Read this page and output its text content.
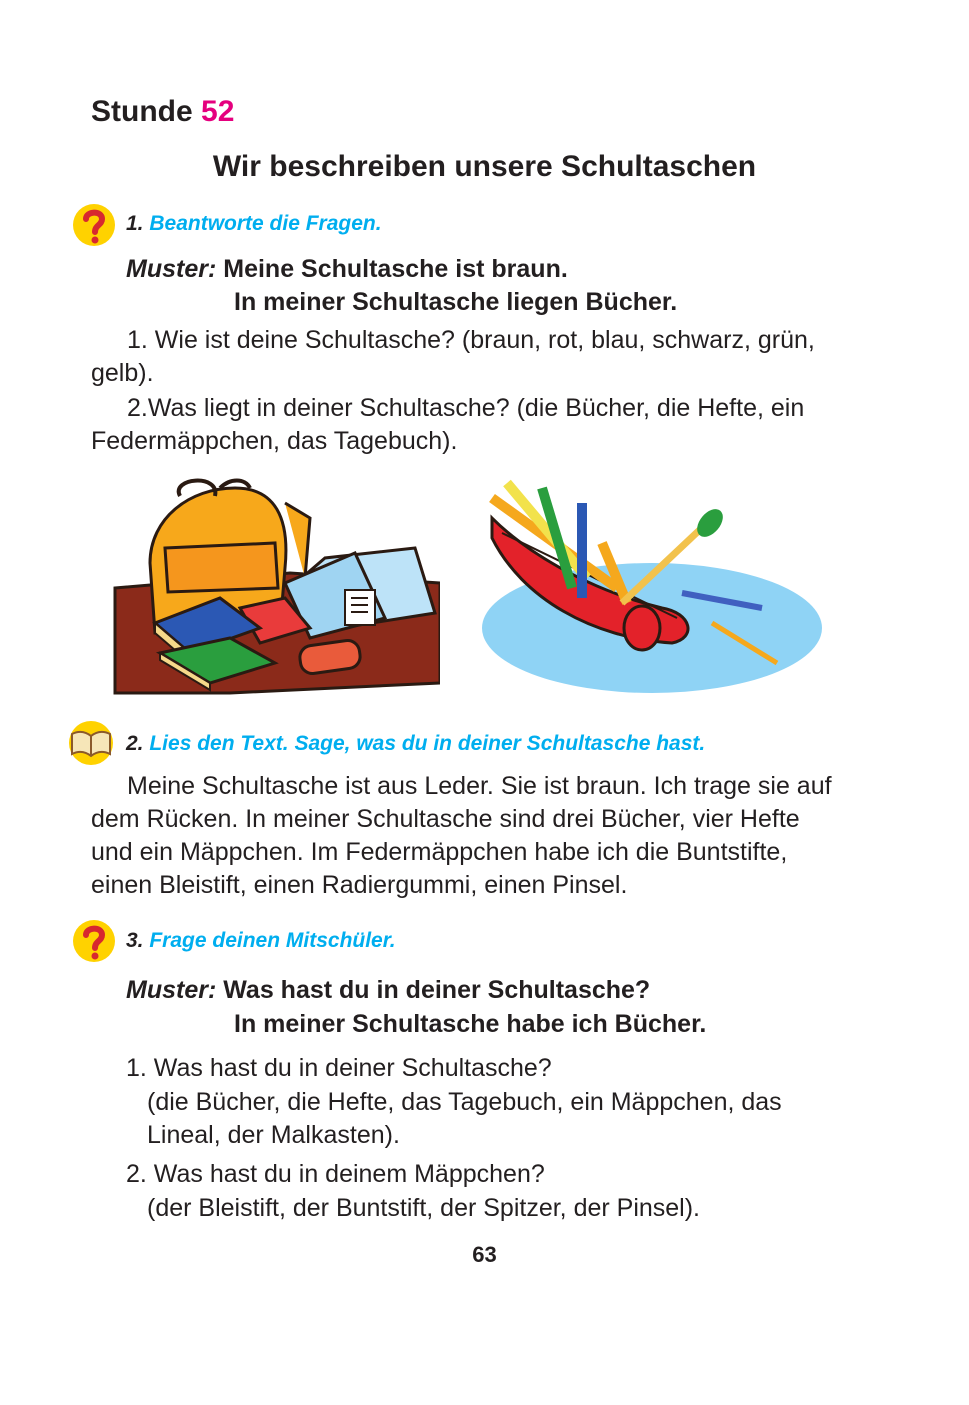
Stunde 52
Wir beschreiben unsere Schultaschen
1. Beantworte die Fragen.
Muster: Meine Schultasche ist braun.
In meiner Schultasche liegen Bücher.
1. Wie ist deine Schultasche? (braun, rot, blau, schwarz, grün, gelb).
2.Was liegt in deiner Schultasche? (die Bücher, die Hefte, ein Federmäppchen, das Tagebuch).
2. Lies den Text. Sage, was du in deiner Schultasche hast.
Meine Schultasche ist aus Leder. Sie ist braun. Ich trage sie auf dem Rücken. In meiner Schultasche sind drei Bücher, vier Hefte und ein Mäppchen. Im Federmäppchen habe ich die Buntstifte, einen Bleistift, einen Radiergummi, einen Pinsel.
3. Frage deinen Mitschüler.
Muster: Was hast du in deiner Schultasche?
In meiner Schultasche habe ich Bücher.
1. Was hast du in deiner Schultasche?
(die Bücher, die Hefte, das Tagebuch, ein Mäppchen, das Lineal, der Malkasten).
2. Was hast du in deinem Mäppchen?
(der Bleistift, der Buntstift, der Spitzer, der Pinsel).
63
